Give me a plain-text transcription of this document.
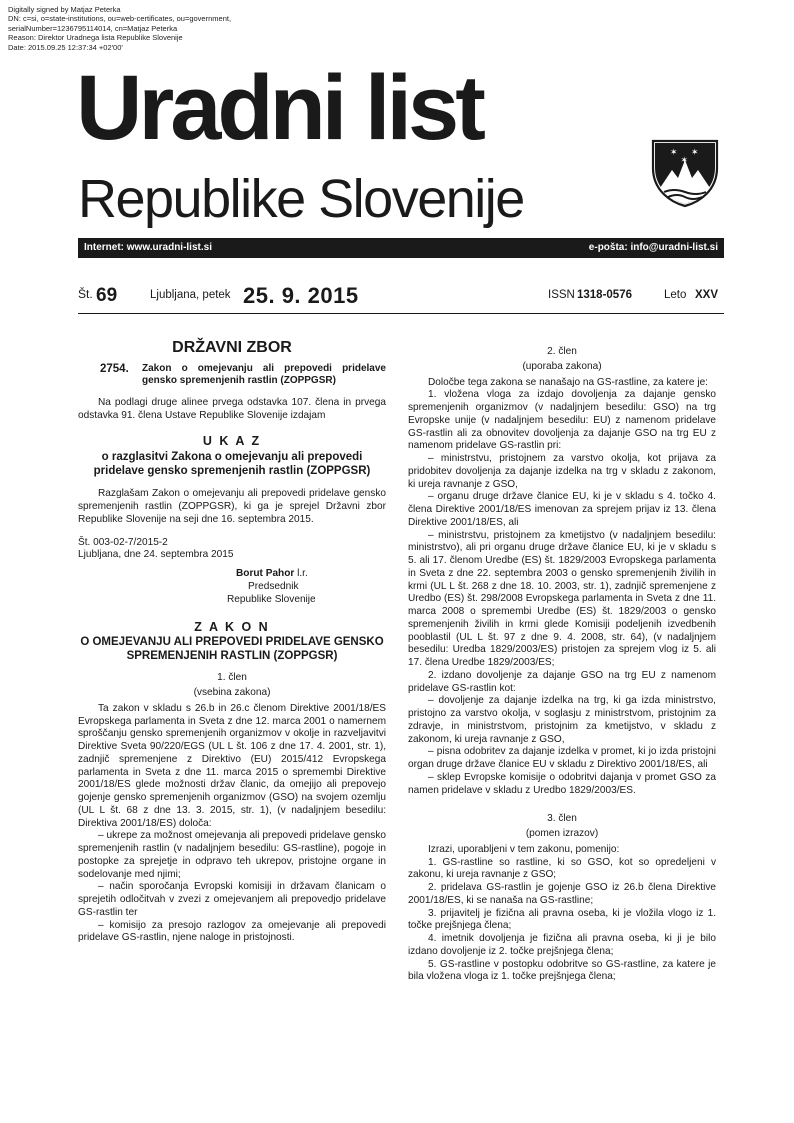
Digitally signed by Matjaz Peterka
DN: c=si, o=state-institutions, ou=web-certificates, ou=government,
serialNumber=1236795114014, cn=Matjaz Peterka
Reason: Direktor Uradnega lista Republike Slovenije
Date: 2015.09.25 12:37:34 +02'00'
Uradni list
Republike Slovenije
✶ ✶
✶
Internet: www.uradni-list.si	e-pošta: info@uradni-list.si
Št. 69	Ljubljana, petek 25. 9. 2015	ISSN 1318-0576	Leto XXV

DRŽAVNI ZBOR

2754.	Zakon o omejevanju ali prepovedi pridelave gensko spremenjenih rastlin (ZOPPGSR)

Na podlagi druge alinee prvega odstavka 107. člena in prvega odstavka 91. člena Ustave Republike Slovenije izdajam

U K A Z

o razglasitvi Zakona o omejevanju ali prepovedi pridelave gensko spremenjenih rastlin (ZOPPGSR)

Razglašam Zakon o omejevanju ali prepovedi pridelave gensko spremenjenih rastlin (ZOPPGSR), ki ga je sprejel Državni zbor Republike Slovenije na seji dne 16. septembra 2015.

Št. 003-02-7/2015-2

Ljubljana, dne 24. septembra 2015

Borut Pahor l.r.

Predsednik

Republike Slovenije

Z A K O N

O OMEJEVANJU ALI PREPOVEDI PRIDELAVE GENSKO SPREMENJENIH RASTLIN (ZOPPGSR)

1. člen

(vsebina zakona)

Ta zakon v skladu s 26.b in 26.c členom Direktive 2001/18/ES Evropskega parlamenta in Sveta z dne 12. marca 2001 o namernem sproščanju gensko spremenjenih organizmov v okolje in razveljavitvi Direktive Sveta 90/220/EGS (UL L št. 106 z dne 17. 4. 2001, str. 1), zadnjič spremenjene z Direktivo (EU) 2015/412 Evropskega parlamenta in Sveta z dne 11. marca 2015 o spremembi Direktive 2001/18/ES glede možnosti držav članic, da omejijo ali prepovejo gojenje gensko spremenjenih organizmov (GSO) na svojem ozemlju (UL L št. 68 z dne 13. 3. 2015, str. 1), (v nadaljnjem besedilu: Direktiva 2001/18/ES) določa:

– ukrepe za možnost omejevanja ali prepovedi pridelave gensko spremenjenih rastlin (v nadaljnjem besedilu: GS-rastline), pogoje in postopke za sprejetje in odpravo teh ukrepov, pristojne organe in sodelovanje med njimi;

– način sporočanja Evropski komisiji in državam članicam o sprejetih odločitvah v zvezi z omejevanjem ali prepovedjo pridelave GS-rastlin ter

– komisijo za presojo razlogov za omejevanje ali prepovedi pridelave GS-rastlin, njene naloge in pristojnosti.

2. člen

(uporaba zakona)

Določbe tega zakona se nanašajo na GS-rastline, za katere je:

1. vložena vloga za izdajo dovoljenja za dajanje gensko spremenjenih organizmov (v nadaljnjem besedilu: GSO) na trg Evropske unije (v nadaljnjem besedilu: EU) z namenom pridelave GS-rastlin ali za obnovitev dovoljenja za dajanje GSO na trg EU z namenom pridelave GS-rastlin pri:

– ministrstvu, pristojnem za varstvo okolja, kot prijava za pridobitev dovoljenja za dajanje izdelka na trg v skladu z zakonom, ki ureja ravnanje z GSO,

– organu druge države članice EU, ki je v skladu s 4. točko 4. člena Direktive 2001/18/ES imenovan za sprejem prijav iz 13. člena Direktive 2001/18/ES, ali

– ministrstvu, pristojnem za kmetijstvo (v nadaljnjem besedilu: ministrstvo), ali pri organu druge države članice EU, ki je v skladu s 5. ali 17. členom Uredbe (ES) št. 1829/2003 Evropskega parlamenta in Sveta z dne 22. septembra 2003 o gensko spremenjenih živilih in krmi (UL L št. 268 z dne 18. 10. 2003, str. 1), zadnjič spremenjene z Uredbo (ES) št. 298/2008 Evropskega parlamenta in Sveta z dne 11. marca 2008 o spremembi Uredbe (ES) št. 1829/2003 o gensko spremenjenih živilih in krmi glede Komisiji podeljenih izvedbenih pooblastil (UL L št. 97 z dne 9. 4. 2008, str. 64), (v nadaljnjem besedilu: Uredba 1829/2003/ES) pristojen za sprejem vlog iz 5. ali 17. člena Uredbe 1829/2003/ES;

2. izdano dovoljenje za dajanje GSO na trg EU z namenom pridelave GS-rastlin kot:

– dovoljenje za dajanje izdelka na trg, ki ga izda ministrstvo, pristojno za varstvo okolja, v soglasju z ministrstvom, pristojnim za zdravje, in ministrstvom, pristojnim za kmetijstvo, v skladu z zakonom, ki ureja ravnanje z GSO,

– pisna odobritev za dajanje izdelka v promet, ki jo izda pristojni organ druge države članice EU v skladu z Direktivo 2001/18/ES, ali

– sklep Evropske komisije o odobritvi dajanja v promet GSO za namen pridelave v skladu z Uredbo 1829/2003/ES.

3. člen

(pomen izrazov)

Izrazi, uporabljeni v tem zakonu, pomenijo:

1. GS-rastline so rastline, ki so GSO, kot so opredeljeni v zakonu, ki ureja ravnanje z GSO;

2. pridelava GS-rastlin je gojenje GSO iz 26.b člena Direktive 2001/18/ES, ki se nanaša na GS-rastline;

3. prijavitelj je fizična ali pravna oseba, ki je vložila vlogo iz 1. točke prejšnjega člena;

4. imetnik dovoljenja je fizična ali pravna oseba, ki ji je bilo izdano dovoljenje iz 2. točke prejšnjega člena;

5. GS-rastline v postopku odobritve so GS-rastline, za katere je bila vložena vloga iz 1. točke prejšnjega člena;
